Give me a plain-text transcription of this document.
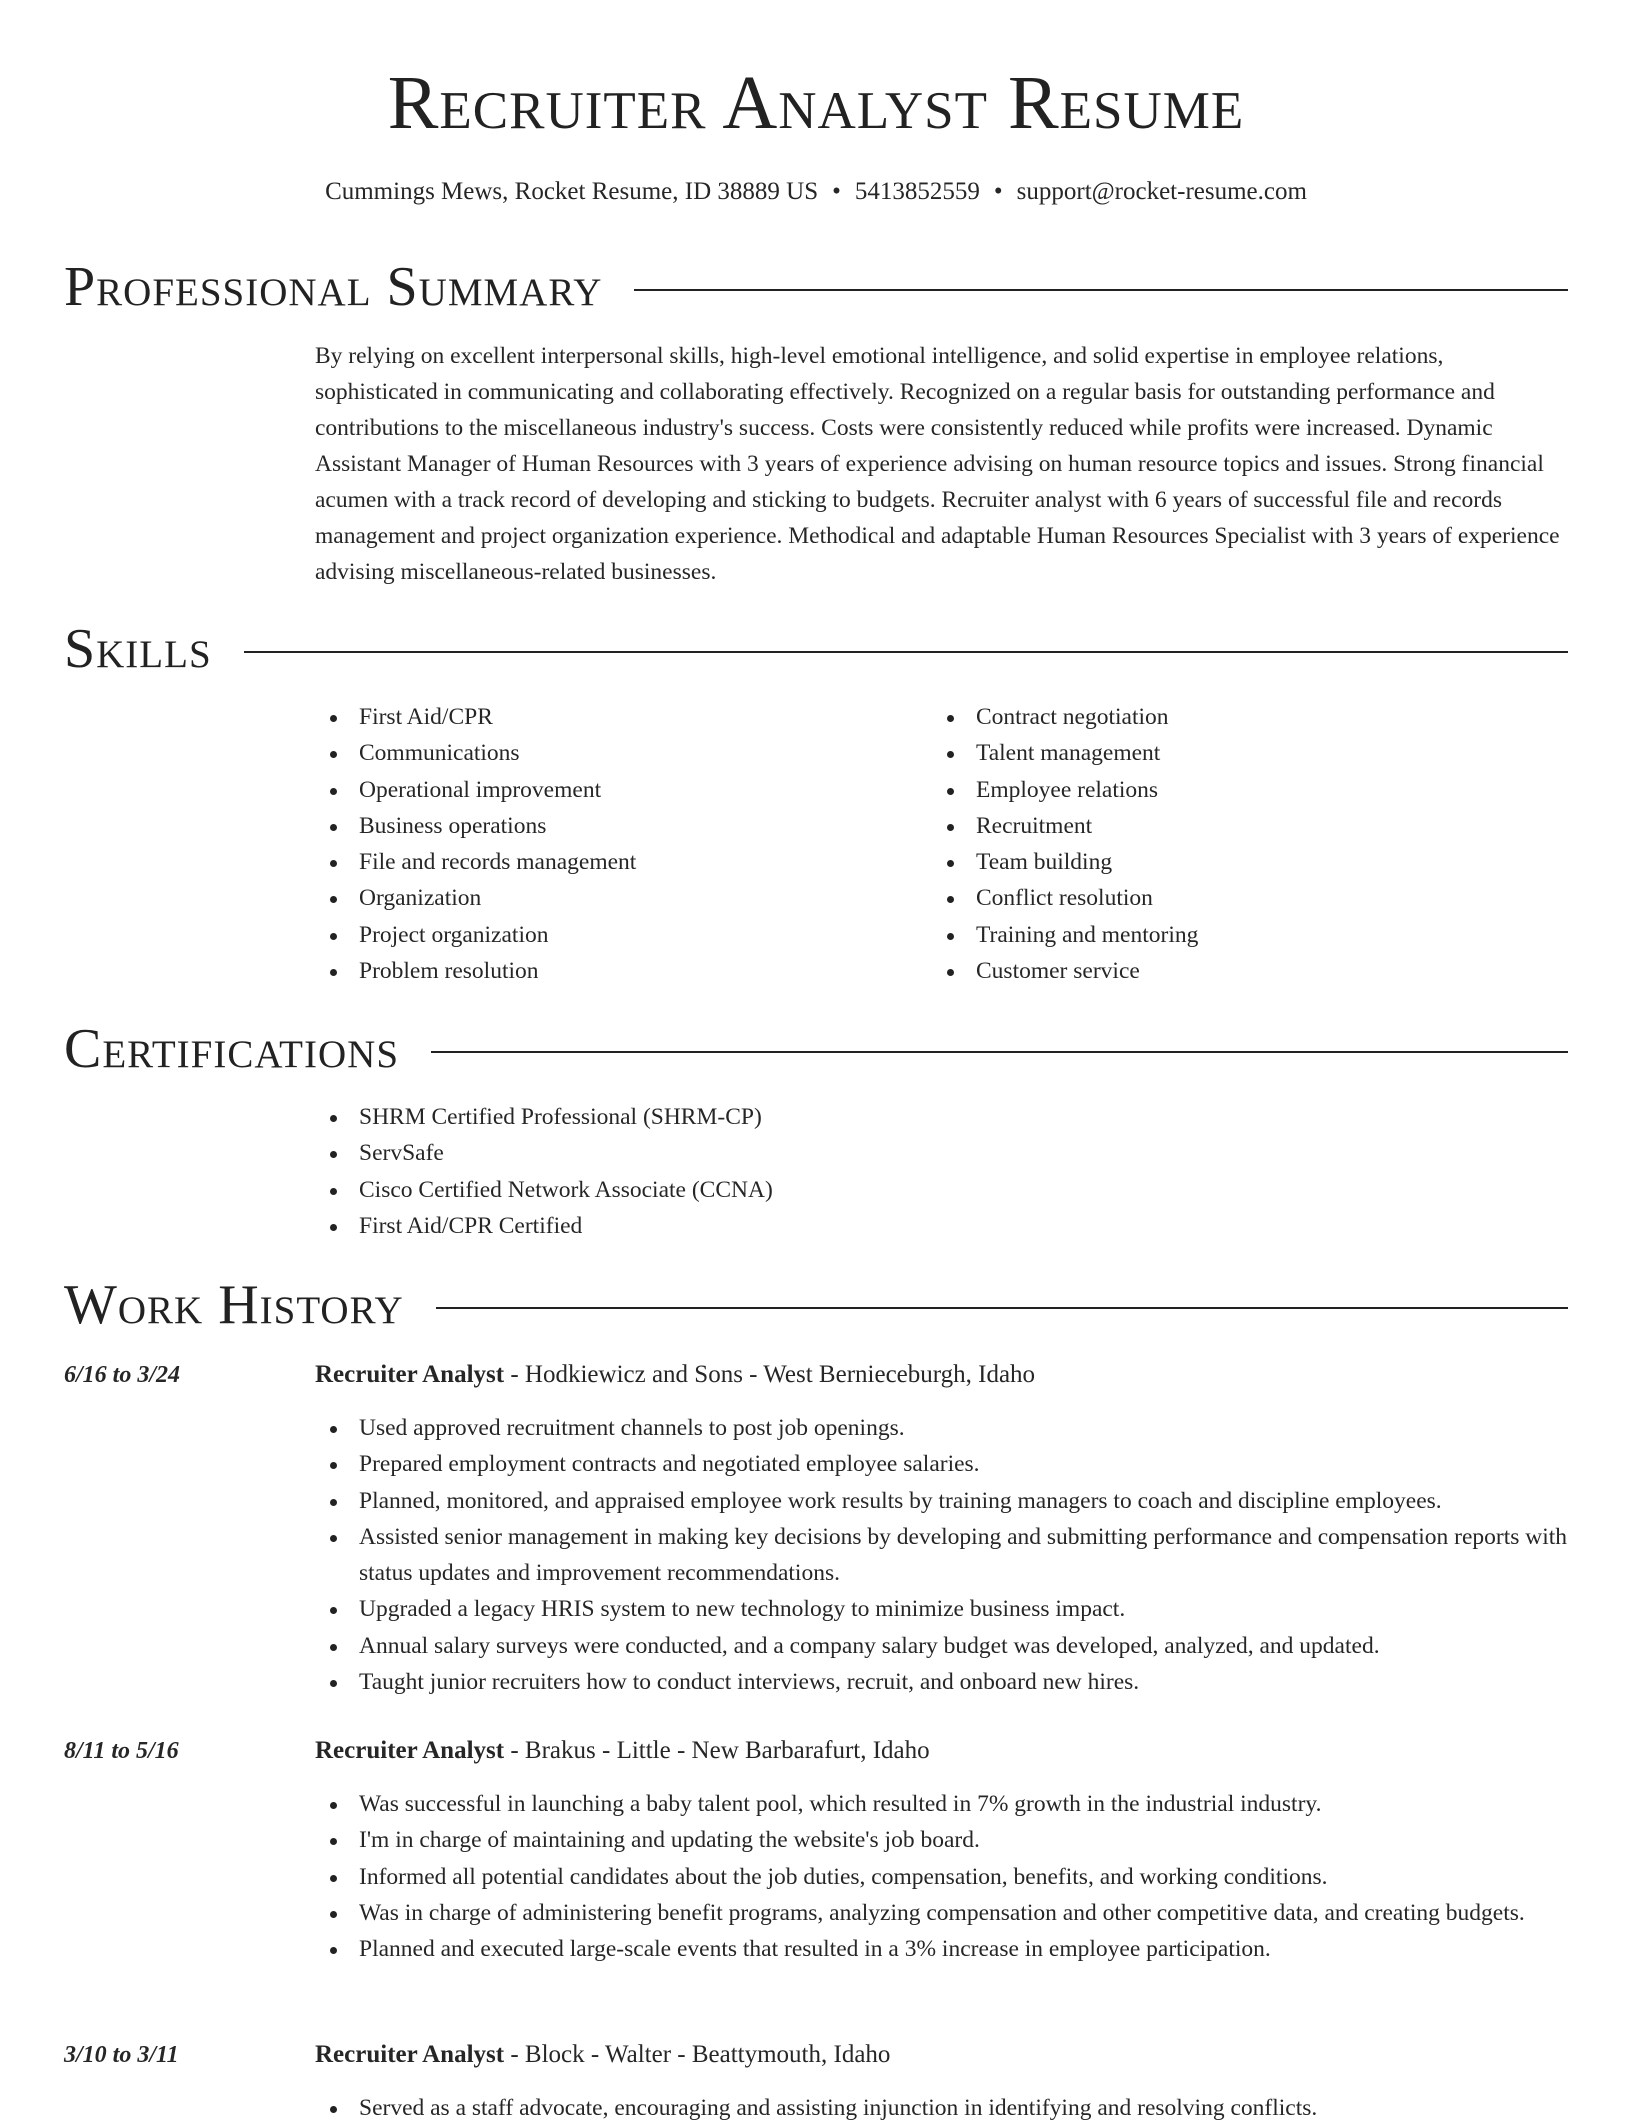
Recruiter Analyst Resume
Cummings Mews, Rocket Resume, ID 38889 US • 5413852559 • support@rocket-resume.com
Professional Summary

By relying on excellent interpersonal skills, high-level emotional intelligence, and solid expertise in employee relations, sophisticated in communicating and collaborating effectively. Recognized on a regular basis for outstanding performance and contributions to the miscellaneous industry's success. Costs were consistently reduced while profits were increased. Dynamic Assistant Manager of Human Resources with 3 years of experience advising on human resource topics and issues. Strong financial acumen with a track record of developing and sticking to budgets. Recruiter analyst with 6 years of successful file and records management and project organization experience. Methodical and adaptable Human Resources Specialist with 3 years of experience advising miscellaneous-related businesses.

Skills
First Aid/CPR
Communications
Operational improvement
Business operations
File and records management
Organization
Project organization
Problem resolution
Contract negotiation
Talent management
Employee relations
Recruitment
Team building
Conflict resolution
Training and mentoring
Customer service
Certifications
SHRM Certified Professional (SHRM-CP)
ServSafe
Cisco Certified Network Associate (CCNA)
First Aid/CPR Certified
Work History
6/16 to 3/24	Recruiter Analyst - Hodkiewicz and Sons - West Bernieceburgh, Idaho
Used approved recruitment channels to post job openings.
Prepared employment contracts and negotiated employee salaries.
Planned, monitored, and appraised employee work results by training managers to coach and discipline employees.
Assisted senior management in making key decisions by developing and submitting performance and compensation reports with status updates and improvement recommendations.
Upgraded a legacy HRIS system to new technology to minimize business impact.
Annual salary surveys were conducted, and a company salary budget was developed, analyzed, and updated.
Taught junior recruiters how to conduct interviews, recruit, and onboard new hires.
8/11 to 5/16	Recruiter Analyst - Brakus - Little - New Barbarafurt, Idaho
Was successful in launching a baby talent pool, which resulted in 7% growth in the industrial industry.
I'm in charge of maintaining and updating the website's job board.
Informed all potential candidates about the job duties, compensation, benefits, and working conditions.
Was in charge of administering benefit programs, analyzing compensation and other competitive data, and creating budgets.
Planned and executed large-scale events that resulted in a 3% increase in employee participation.
3/10 to 3/11	Recruiter Analyst - Block - Walter - Beattymouth, Idaho
Served as a staff advocate, encouraging and assisting injunction in identifying and resolving conflicts.
